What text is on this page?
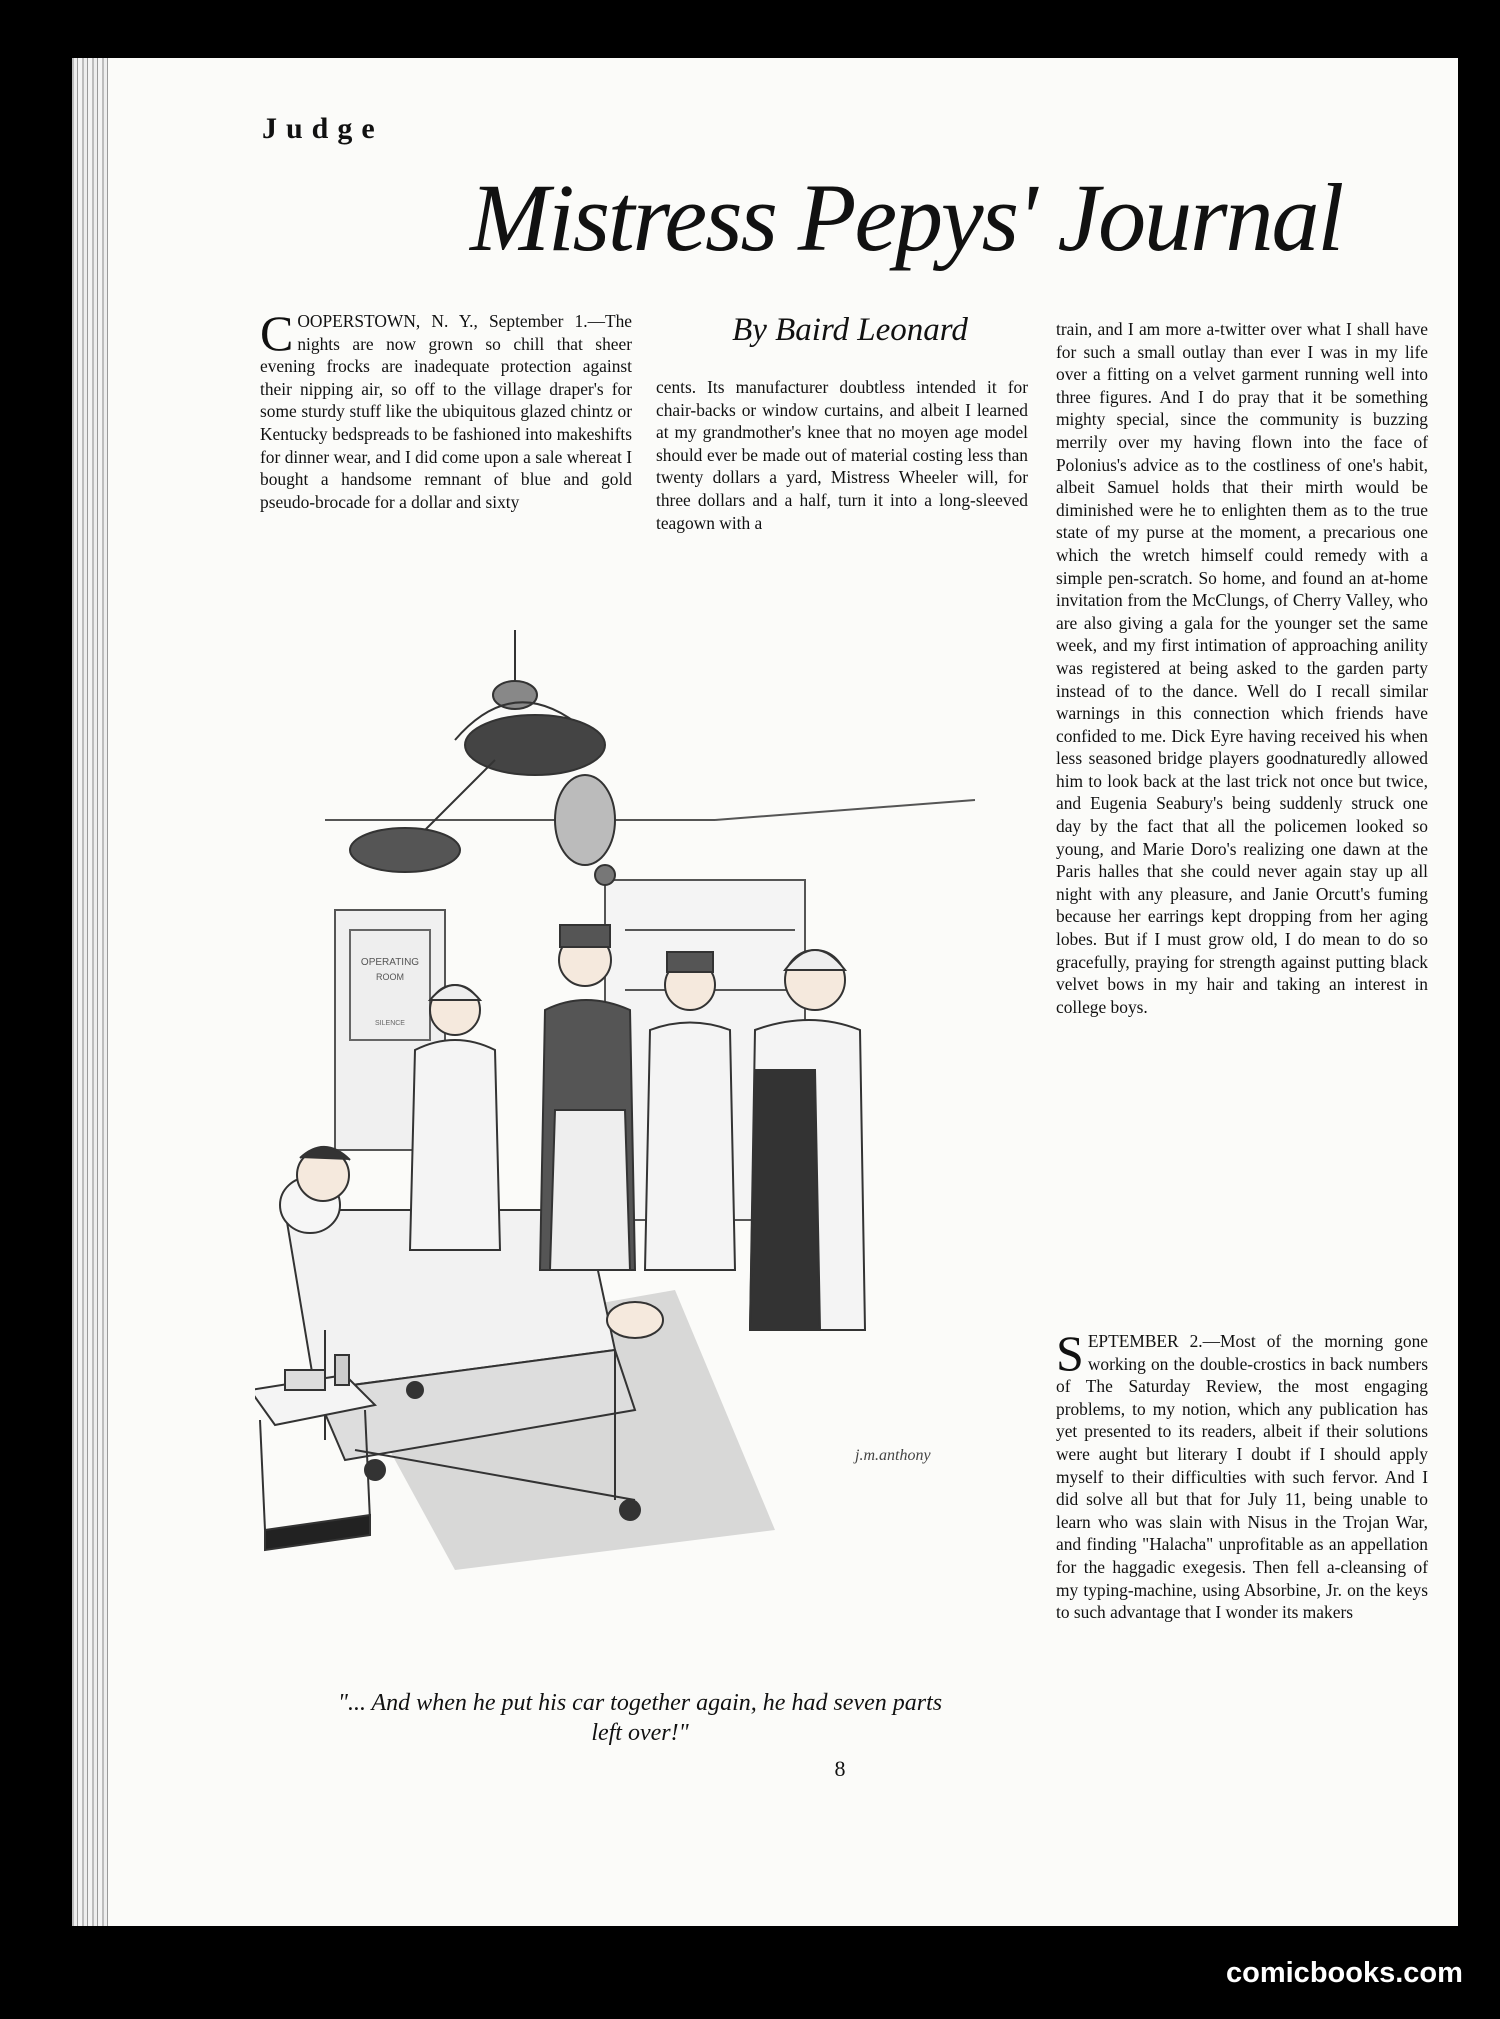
Judge
Mistress Pepys' Journal
By Baird Leonard
COOPERSTOWN, N. Y., September 1.—The nights are now grown so chill that sheer evening frocks are inadequate protection against their nipping air, so off to the village draper's for some sturdy stuff like the ubiquitous glazed chintz or Kentucky bedspreads to be fashioned into makeshifts for dinner wear, and I did come upon a sale whereat I bought a handsome remnant of blue and gold pseudo-brocade for a dollar and sixty
cents. Its manufacturer doubtless intended it for chair-backs or window curtains, and albeit I learned at my grandmother's knee that no moyen age model should ever be made out of material costing less than twenty dollars a yard, Mistress Wheeler will, for three dollars and a half, turn it into a long-sleeved teagown with a
train, and I am more a-twitter over what I shall have for such a small outlay than ever I was in my life over a fitting on a velvet garment running well into three figures. And I do pray that it be something mighty special, since the community is buzzing merrily over my having flown into the face of Polonius's advice as to the costliness of one's habit, albeit Samuel holds that their mirth would be diminished were he to enlighten them as to the true state of my purse at the moment, a precarious one which the wretch himself could remedy with a simple pen-scratch. So home, and found an at-home invitation from the McClungs, of Cherry Valley, who are also giving a gala for the younger set the same week, and my first intimation of approaching anility was registered at being asked to the garden party instead of to the dance. Well do I recall similar warnings in this connection which friends have confided to me. Dick Eyre having received his when less seasoned bridge players goodnaturedly allowed him to look back at the last trick not once but twice, and Eugenia Seabury's being suddenly struck one day by the fact that all the policemen looked so young, and Marie Doro's realizing one dawn at the Paris halles that she could never again stay up all night with any pleasure, and Janie Orcutt's fuming because her earrings kept dropping from her aging lobes. But if I must grow old, I do mean to do so gracefully, praying for strength against putting black velvet bows in my hair and taking an interest in college boys.
SEPTEMBER 2.—Most of the morning gone working on the double-crostics in back numbers of The Saturday Review, the most engaging problems, to my notion, which any publication has yet presented to its readers, albeit if their solutions were aught but literary I doubt if I should apply myself to their difficulties with such fervor. And I did solve all but that for July 11, being unable to learn who was slain with Nisus in the Trojan War, and finding "Halacha" unprofitable as an appellation for the haggadic exegesis. Then fell a-cleansing of my typing-machine, using Absorbine, Jr. on the keys to such advantage that I wonder its makers
OPERATING
ROOM
SILENCE
j.m.anthony
"... And when he put his car together again, he had seven parts left over!"
8
comicbooks.com
